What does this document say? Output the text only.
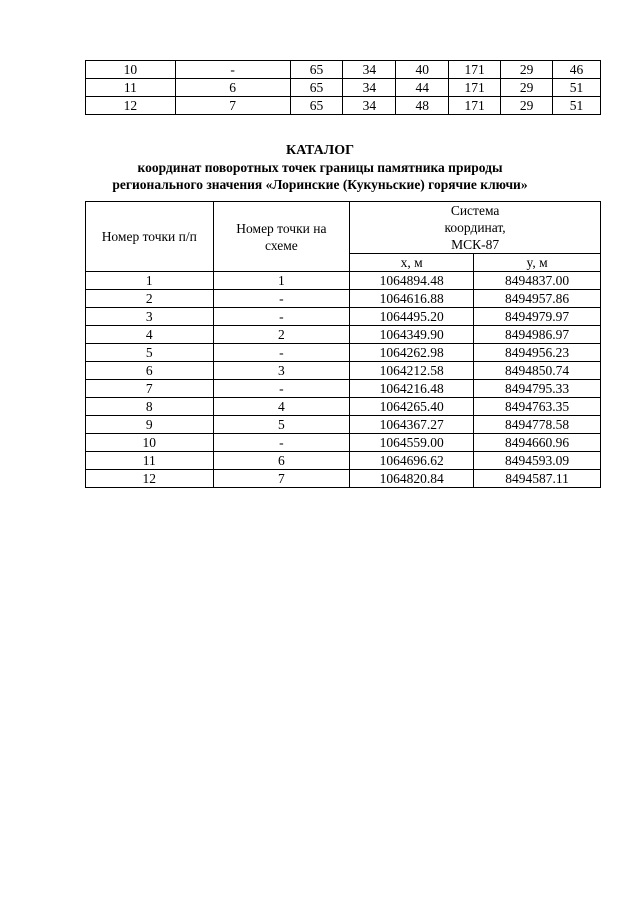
10	-	65	34	40	171	29	46
11	6	65	34	44	171	29	51
12	7	65	34	48	171	29	51
КАТАЛОГ
координат поворотных точек границы памятника природы
регионального значения «Лоринские (Кукуньские) горячие ключи»
Номер точки п/п	Номер точки на схеме	Система координат, МСК-87	
		x, м	y, м
1	1	1064894.48	8494837.00
2	-	1064616.88	8494957.86
3	-	1064495.20	8494979.97
4	2	1064349.90	8494986.97
5	-	1064262.98	8494956.23
6	3	1064212.58	8494850.74
7	-	1064216.48	8494795.33
8	4	1064265.40	8494763.35
9	5	1064367.27	8494778.58
10	-	1064559.00	8494660.96
11	6	1064696.62	8494593.09
12	7	1064820.84	8494587.11
